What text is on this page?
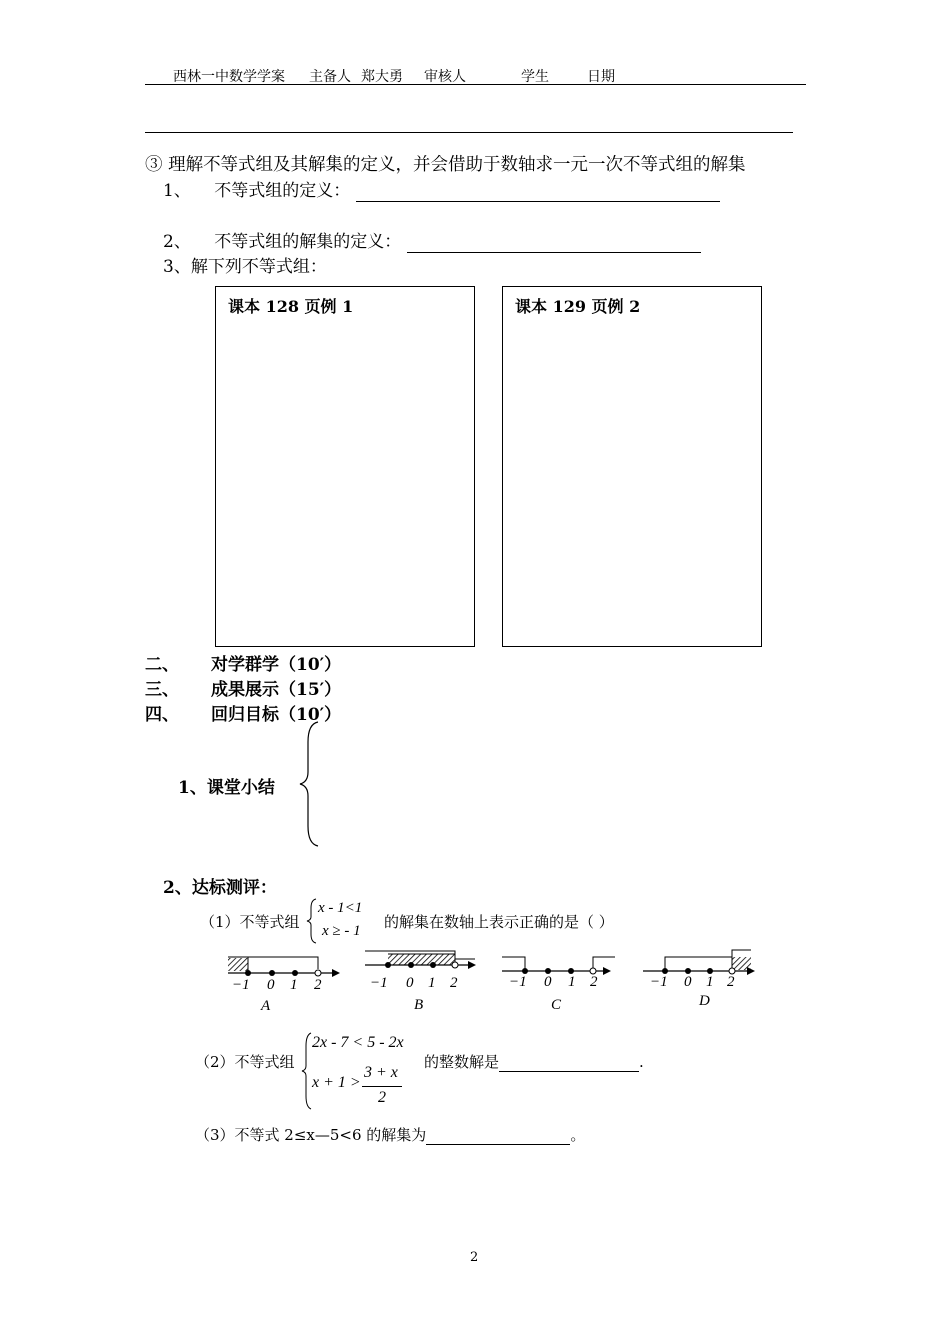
西林一中数学学案 主备人 郑大勇 审核人	学生	日期
③ 理解不等式组及其解集的定义，并会借助于数轴求一元一次不等式组的解集
1、 不等式组的定义：
2、 不等式组的解集的定义：
3、解下列不等式组：
课本 128 页例 1	课本 129 页例 2
二、 对学群学（10′）
三、 成果展示（15′）
四、 回归目标（10′）
1、课堂小结
2、达标测评：
（1）不等式组
x - 1<1
x ≥ - 1 的解集在数轴上表示正确的是（ ）
−1 0 1 2
A
−1 0 1 2
B
−1 0 1 2
C
−1 0 1 2
D
（2）不等式组
2x - 7 < 5 - 2x
x + 1 >
3 + x
2
的整数解是	.
（3）不等式 2≤x—5<6 的解集为	。
2
